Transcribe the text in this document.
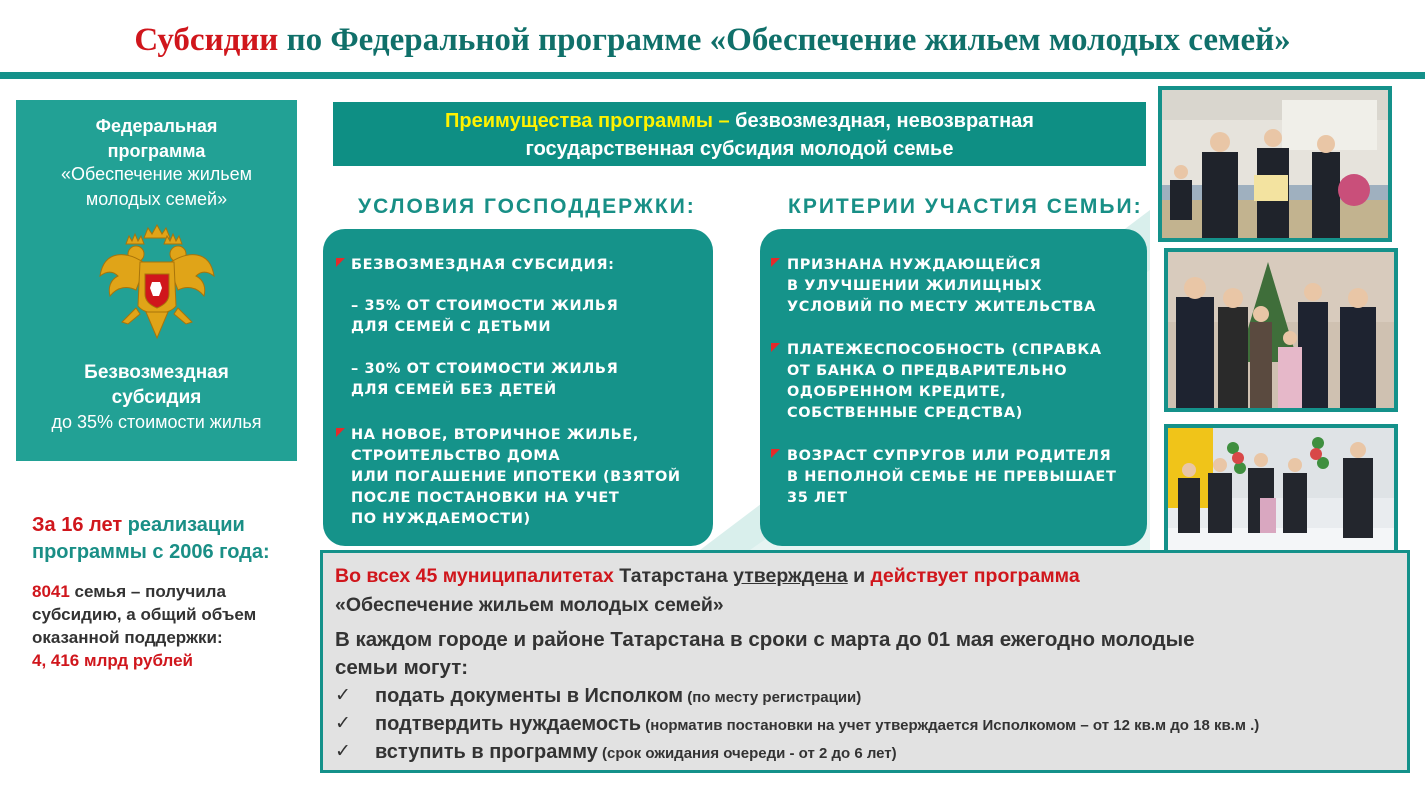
Субсидии по Федеральной программе «Обеспечение жильем молодых семей»
Федеральная программа
«Обеспечение жильем молодых семей»
Безвозмездная субсидия
до 35% стоимости жилья
За 16 лет реализации программы с 2006 года:
8041 семья – получила субсидию, а общий объем оказанной поддержки:
4, 416 млрд рублей
Преимущества программы – безвозмездная, невозвратная государственная субсидия молодой семье
УСЛОВИЯ ГОСПОДДЕРЖКИ:
БЕЗВОЗМЕЗДНАЯ СУБСИДИЯ:
– 35% ОТ СТОИМОСТИ ЖИЛЬЯ
ДЛЯ СЕМЕЙ С ДЕТЬМИ
– 30% ОТ СТОИМОСТИ ЖИЛЬЯ
ДЛЯ СЕМЕЙ БЕЗ ДЕТЕЙ
НА НОВОЕ, ВТОРИЧНОЕ ЖИЛЬЕ,
СТРОИТЕЛЬСТВО ДОМА
ИЛИ ПОГАШЕНИЕ ИПОТЕКИ (ВЗЯТОЙ
ПОСЛЕ ПОСТАНОВКИ НА УЧЕТ
ПО НУЖДАЕМОСТИ)
КРИТЕРИИ УЧАСТИЯ СЕМЬИ:
ПРИЗНАНА НУЖДАЮЩЕЙСЯ
В УЛУЧШЕНИИ ЖИЛИЩНЫХ
УСЛОВИЙ ПО МЕСТУ ЖИТЕЛЬСТВА
ПЛАТЕЖЕСПОСОБНОСТЬ (СПРАВКА
ОТ БАНКА О ПРЕДВАРИТЕЛЬНО
ОДОБРЕННОМ КРЕДИТЕ,
СОБСТВЕННЫЕ СРЕДСТВА)
ВОЗРАСТ СУПРУГОВ ИЛИ РОДИТЕЛЯ
В НЕПОЛНОЙ СЕМЬЕ НЕ ПРЕВЫШАЕТ
35 ЛЕТ
Во всех 45 муниципалитетах Татарстана утверждена и действует программа
«Обеспечение жильем молодых семей»
В каждом городе и районе Татарстана в сроки с марта до 01 мая ежегодно молодые
семьи могут:
✓ подать документы в Исполком (по месту регистрации)
✓ подтвердить нуждаемость (норматив постановки на учет утверждается Исполкомом – от 12 кв.м до 18 кв.м .)
✓ вступить в программу (срок ожидания очереди - от 2 до 6 лет)
